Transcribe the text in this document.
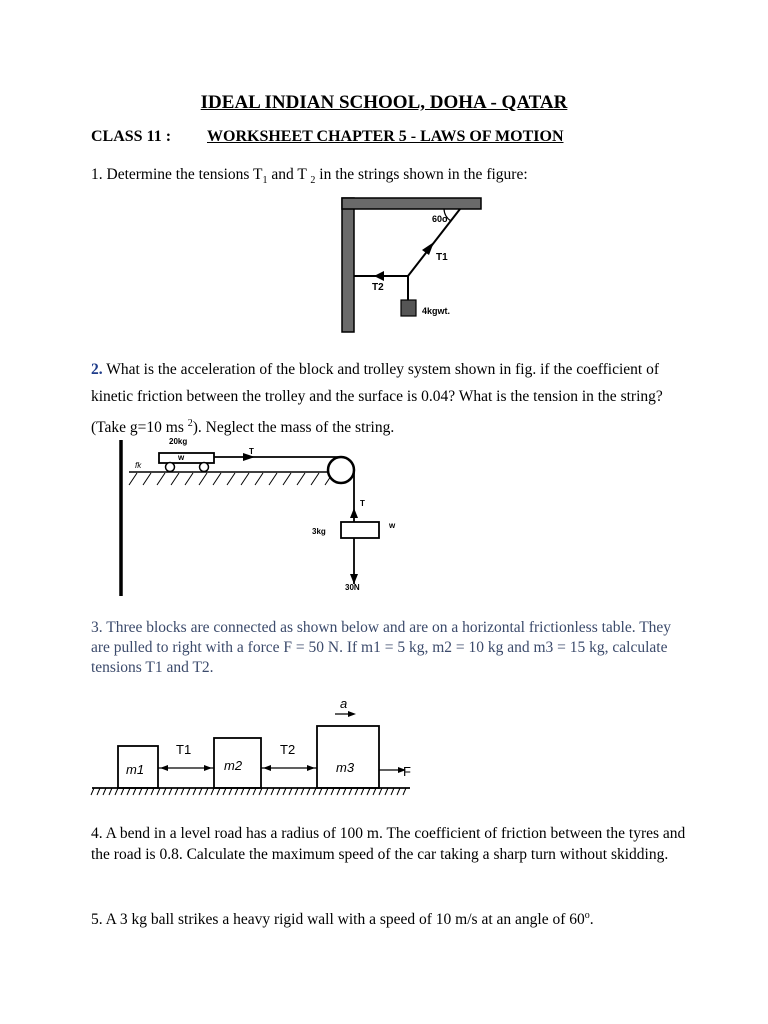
IDEAL INDIAN SCHOOL, DOHA - QATAR
CLASS 11 : WORKSHEET CHAPTER 5 - LAWS OF MOTION
1. Determine the tensions $T_1$ and T $_2$ in the strings shown in the figure:
60o
T1
T2
4kgwt.
2. What is the acceleration of the block and trolley system shown in fig. if the coefficient of
kinetic friction between the trolley and the surface is 0.04? What is the tension in the string?
(Take g=10 ms $^2$). Neglect the mass of the string.
20kg
w
T
fk
T
3kg
w
30N
3. Three blocks are connected as shown below and are on a horizontal frictionless table. They are pulled to right with a force F = 50 N. If m1 = 5 kg, m2 = 10 kg and m3 = 15 kg, calculate tensions T1 and T2.
a
m1	m2	m3
T1	T2
F
4. A bend in a level road has a radius of 100 m. The coefficient of friction between the tyres and the road is 0.8. Calculate the maximum speed of the car taking a sharp turn without skidding.
5. A 3 kg ball strikes a heavy rigid wall with a speed of 10 m/s at an angle of 60$^o$.
